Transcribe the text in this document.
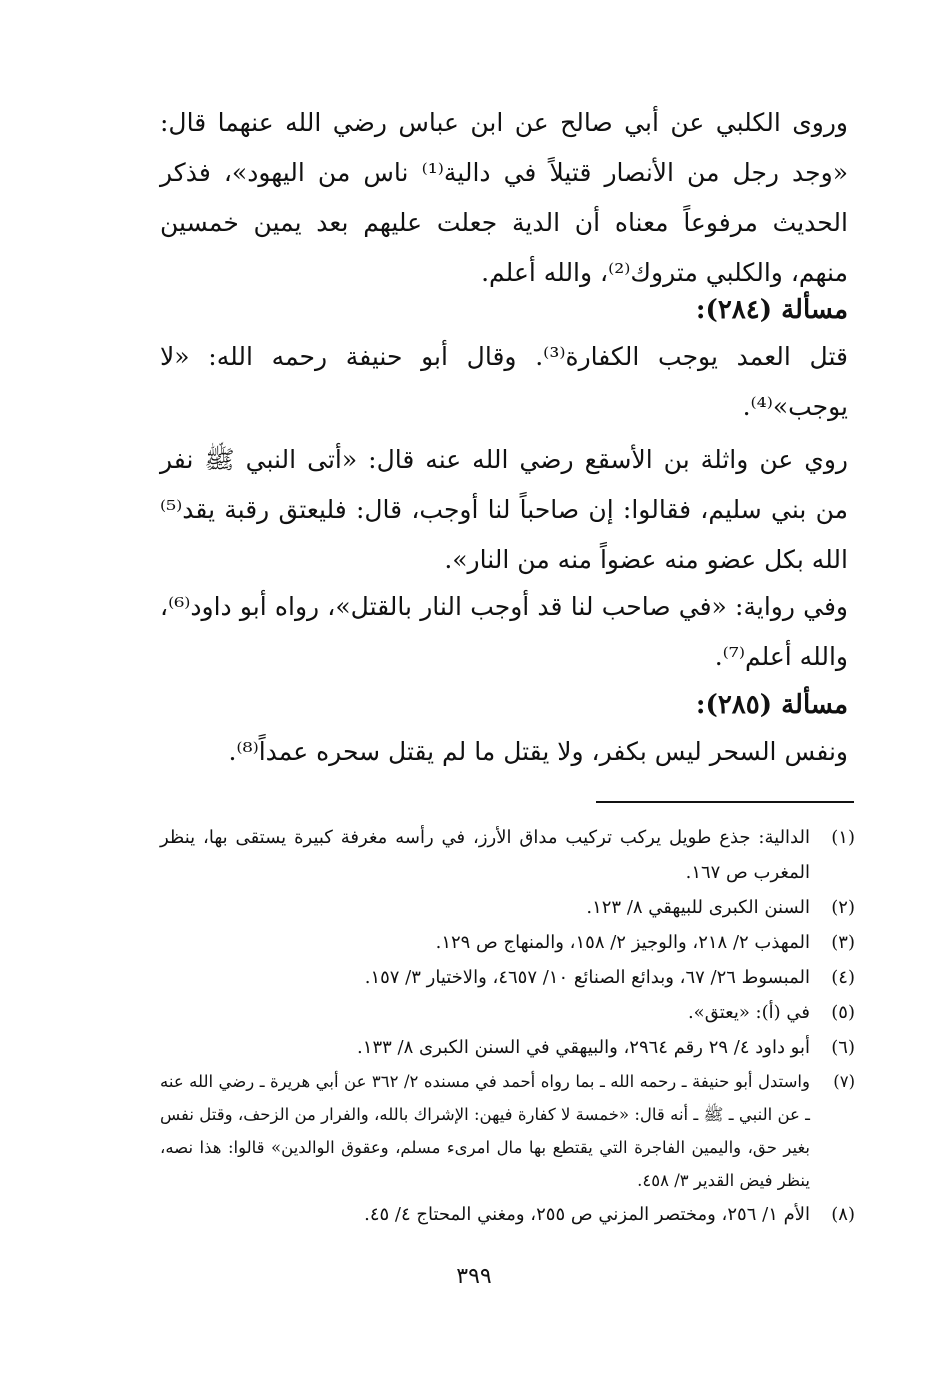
وروى الكلبي عن أبي صالح عن ابن عباس رضي الله عنهما قال: «وجد رجل من الأنصار قتيلاً في دالية⁽¹⁾ ناس من اليهود»، فذكر الحديث مرفوعاً معناه أن الدية جعلت عليهم بعد يمين خمسين منهم، والكلبي متروك⁽²⁾، والله أعلم.

مسألة (٢٨٤):

قتل العمد يوجب الكفارة⁽³⁾. وقال أبو حنيفة رحمه الله: «لا يوجب»⁽⁴⁾.

روي عن واثلة بن الأسقع رضي الله عنه قال: «أتى النبي ﷺ نفر من بني سليم، فقالوا: إن صاحباً لنا أوجب، قال: فليعتق رقبة يقد⁽⁵⁾ الله بكل عضو منه عضواً منه من النار».

وفي رواية: «في صاحب لنا قد أوجب النار بالقتل»، رواه أبو داود⁽⁶⁾، والله أعلم⁽⁷⁾.

مسألة (٢٨٥):

ونفس السحر ليس بكفر، ولا يقتل ما لم يقتل سحره عمداً⁽⁸⁾.

(١)
الدالية: جذع طويل يركب تركيب مداق الأرز، في رأسه مغرفة كبيرة يستقى بها، ينظر المغرب ص ١٦٧.
(٢)
السنن الكبرى للبيهقي ٨/ ١٢٣.
(٣)
المهذب ٢/ ٢١٨، والوجيز ٢/ ١٥٨، والمنهاج ص ١٢٩.
(٤)
المبسوط ٢٦/ ٦٧، وبدائع الصنائع ١٠/ ٤٦٥٧، والاختيار ٣/ ١٥٧.
(٥)
في (أ): «يعتق».
(٦)
أبو داود ٤/ ٢٩ رقم ٢٩٦٤، والبيهقي في السنن الكبرى ٨/ ١٣٣.
(٧)
واستدل أبو حنيفة ـ رحمه الله ـ بما رواه أحمد في مسنده ٢/ ٣٦٢ عن أبي هريرة ـ رضي الله عنه ـ عن النبي ـ ﷺ ـ أنه قال: «خمسة لا كفارة فيهن: الإشراك بالله، والفرار من الزحف، وقتل نفس بغير حق، واليمين الفاجرة التي يقتطع بها مال امرىء مسلم، وعقوق الوالدين» قالوا: هذا نصه، ينظر فيض القدير ٣/ ٤٥٨.
(٨)
الأم ١/ ٢٥٦، ومختصر المزني ص ٢٥٥، ومغني المحتاج ٤/ ٤٥.
٣٩٩
